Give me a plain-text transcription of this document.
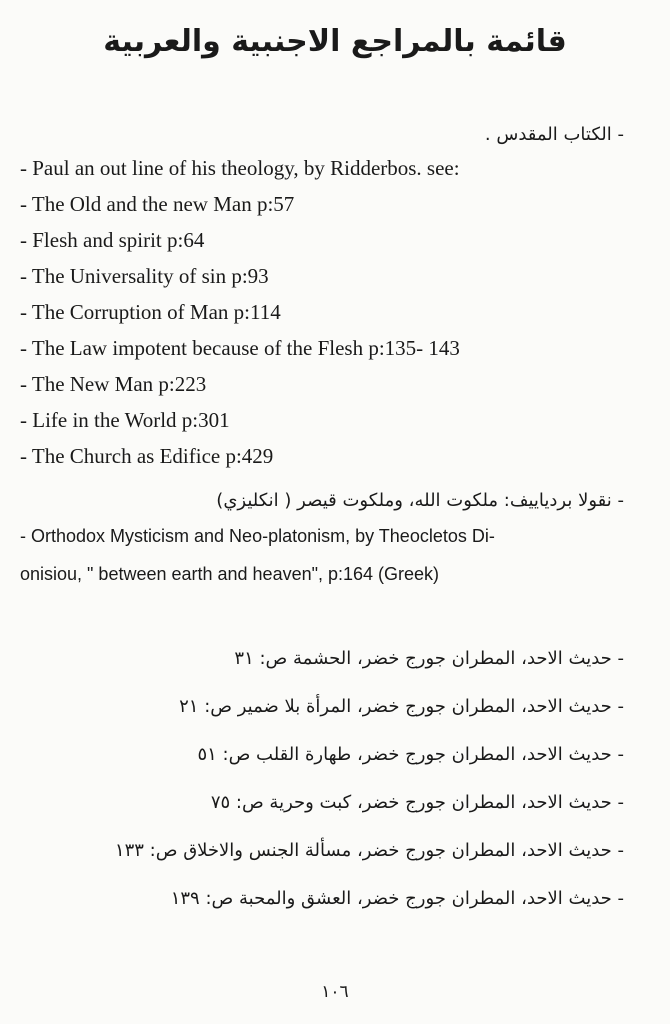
قائمة بالمراجع الاجنبية والعربية
- الكتاب المقدس .
- Paul an out line of his theology, by Ridderbos. see:
- The Old and the new Man p:57
- Flesh and spirit p:64
- The Universality of sin p:93
- The Corruption of Man p:114
- The Law impotent because of the Flesh p:135- 143
- The New Man p:223
- Life in the World p:301
- The Church as Edifice p:429
- نقولا بردياييف: ملكوت الله، وملكوت قيصر ( انكليزي)
- Orthodox Mysticism and Neo-platonism, by Theocletos Di-
onisiou, " between earth and heaven", p:164 (Greek)
- حديث الاحد، المطران جورج خضر، الحشمة ص: ٣١
- حديث الاحد، المطران جورج خضر، المرأة بلا ضمير ص: ٢١
- حديث الاحد، المطران جورج خضر، طهارة القلب ص: ٥١
- حديث الاحد، المطران جورج خضر، كبت وحرية ص: ٧٥
- حديث الاحد، المطران جورج خضر، مسألة الجنس والاخلاق ص: ١٣٣
- حديث الاحد، المطران جورج خضر، العشق والمحبة ص: ١٣٩
١٠٦
